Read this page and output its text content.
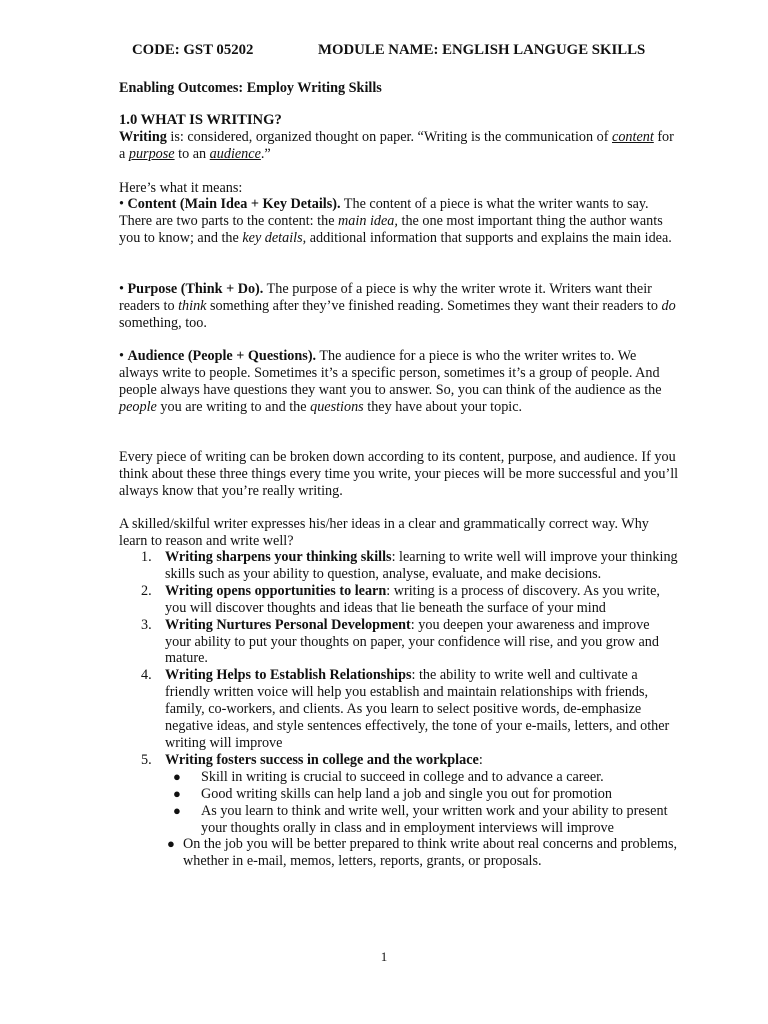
CODE: GST 05202	MODULE NAME: ENGLISH LANGUGE SKILLS

Enabling Outcomes: Employ Writing Skills

1.0 WHAT IS WRITING?

Writing is: considered, organized thought on paper. “Writing is the communication of content for a purpose to an audience.”

Here’s what it means:

• Content (Main Idea + Key Details). The content of a piece is what the writer wants to say. There are two parts to the content: the main idea, the one most important thing the author wants you to know; and the key details, additional information that supports and explains the main idea.

• Purpose (Think + Do). The purpose of a piece is why the writer wrote it. Writers want their readers to think something after they’ve finished reading. Sometimes they want their readers to do something, too.

• Audience (People + Questions). The audience for a piece is who the writer writes to. We always write to people. Sometimes it’s a specific person, sometimes it’s a group of people. And people always have questions they want you to answer. So, you can think of the audience as the people you are writing to and the questions they have about your topic.

Every piece of writing can be broken down according to its content, purpose, and audience. If you think about these three things every time you write, your pieces will be more successful and you’ll always know that you’re really writing.

A skilled/skilful writer expresses his/her ideas in a clear and grammatically correct way. Why learn to reason and write well?

1. Writing sharpens your thinking skills: learning to write well will improve your thinking skills such as your ability to question, analyse, evaluate, and make decisions.
2. Writing opens opportunities to learn: writing is a process of discovery. As you write, you will discover thoughts and ideas that lie beneath the surface of your mind
3. Writing Nurtures Personal Development: you deepen your awareness and improve your ability to put your thoughts on paper, your confidence will rise, and you grow and mature.
4. Writing Helps to Establish Relationships: the ability to write well and cultivate a friendly written voice will help you establish and maintain relationships with friends, family, co-workers, and clients. As you learn to select positive words, de-emphasize negative ideas, and style sentences effectively, the tone of your e-mails, letters, and other writing will improve
5. Writing fosters success in college and the workplace:
● Skill in writing is crucial to succeed in college and to advance a career.
● Good writing skills can help land a job and single you out for promotion
● As you learn to think and write well, your written work and your ability to present your thoughts orally in class and in employment interviews will improve
● On the job you will be better prepared to think write about real concerns and problems, whether in e-mail, memos, letters, reports, grants, or proposals.
1
